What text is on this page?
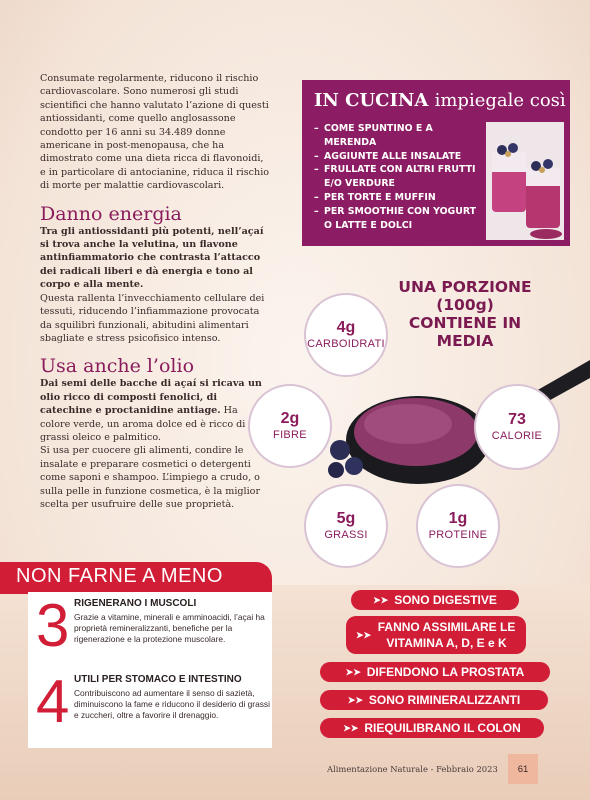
Consumate regolarmente, riducono il rischio cardiovascolare. Sono numerosi gli studi scientifici che hanno valutato l’azione di questi antiossidanti, come quello anglosassone condotto per 16 anni su 34.489 donne americane in post-menopausa, che ha dimostrato come una dieta ricca di flavonoidi, e in particolare di antocianine, riduca il rischio di morte per malattie cardiovascolari.

Danno energia

Tra gli antiossidanti più potenti, nell’açaí si trova anche la velutina, un flavone antinfiammatorio che contrasta l’attacco dei radicali liberi e dà energia e tono al corpo e alla mente.

Questa rallenta l’invecchiamento cellulare dei tessuti, riducendo l’infiammazione provocata da squilibri funzionali, abitudini alimentari sbagliate e stress psicofisico intenso.

Usa anche l’olio

Dai semi delle bacche di açaí si ricava un olio ricco di composti fenolici, di catechine e proctanidine antiage. Ha colore verde, un aroma dolce ed è ricco di grassi oleico e palmitico.

Si usa per cuocere gli alimenti, condire le insalate e preparare cosmetici o detergenti come saponi e shampoo. L’impiego a crudo, o sulla pelle in funzione cosmetica, è la miglior scelta per usufruire delle sue proprietà.

IN CUCINA impiegale così
– COME SPUNTINO E A MERENDA
– AGGIUNTE ALLE INSALATE
– FRULLATE CON ALTRI FRUTTI E/O VERDURE
– PER TORTE E MUFFIN
– PER SMOOTHIE CON YOGURT O LATTE E DOLCI
UNA PORZIONE (100g) CONTIENE IN MEDIA
4g
CARBOIDRATI
2g
FIBRE
73
CALORIE
5g
GRASSI
1g
PROTEINE
NON FARNE A MENO
3 RIGENERANO I MUSCOLI
Grazie a vitamine, minerali e amminoacidi, l’açai ha proprietà remineralizzanti, benefiche per la rigenerazione e la protezione muscolare.
4 UTILI PER STOMACO E INTESTINO
Contribuiscono ad aumentare il senso di sazietà, diminuiscono la fame e riducono il desiderio di grassi e zuccheri, oltre a favorire il drenaggio.
➤➤ SONO DIGESTIVE
➤➤
FANNO ASSIMILARE LE VITAMINA A, D, E e K
➤➤ DIFENDONO LA PROSTATA
➤➤ SONO RIMINERALIZZANTI
➤➤ RIEQUILIBRANO IL COLON
Alimentazione Naturale - Febbraio 2023	61
